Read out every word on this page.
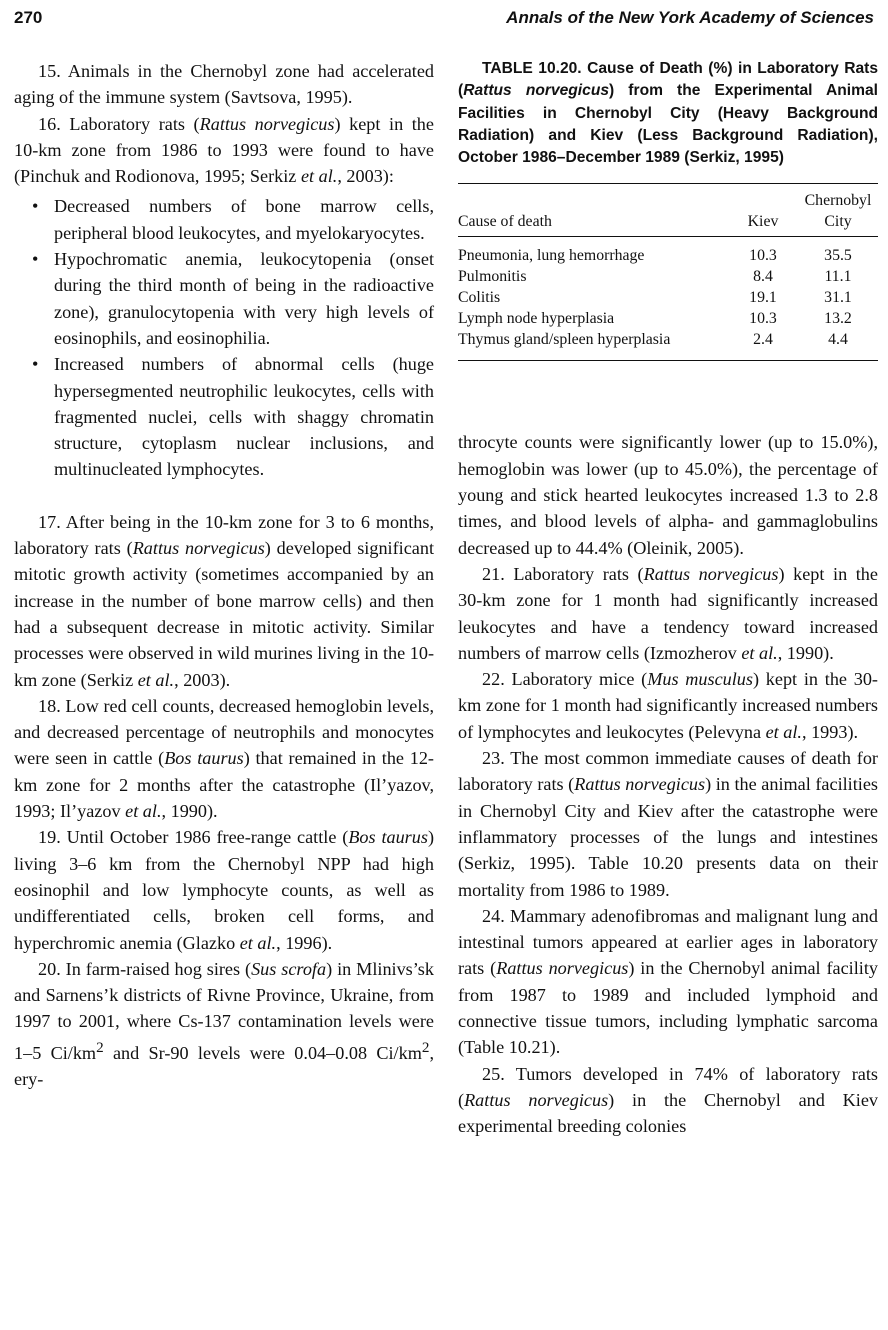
270	Annals of the New York Academy of Sciences

15. Animals in the Chernobyl zone had accelerated aging of the immune system (Savtsova, 1995).

16. Laboratory rats (Rattus norvegicus) kept in the 10-km zone from 1986 to 1993 were found to have (Pinchuk and Rodionova, 1995; Serkiz et al., 2003):

• Decreased numbers of bone marrow cells, peripheral blood leukocytes, and myelokaryocytes.
• Hypochromatic anemia, leukocytopenia (onset during the third month of being in the radioactive zone), granulocytopenia with very high levels of eosinophils, and eosinophilia.
• Increased numbers of abnormal cells (huge hypersegmented neutrophilic leukocytes, cells with fragmented nuclei, cells with shaggy chromatin structure, cytoplasm nuclear inclusions, and multinucleated lymphocytes.

17. After being in the 10-km zone for 3 to 6 months, laboratory rats (Rattus norvegicus) developed significant mitotic growth activity (sometimes accompanied by an increase in the number of bone marrow cells) and then had a subsequent decrease in mitotic activity. Similar processes were observed in wild murines living in the 10-km zone (Serkiz et al., 2003).

18. Low red cell counts, decreased hemoglobin levels, and decreased percentage of neutrophils and monocytes were seen in cattle (Bos taurus) that remained in the 12-km zone for 2 months after the catastrophe (Il’yazov, 1993; Il’yazov et al., 1990).

19. Until October 1986 free-range cattle (Bos taurus) living 3–6 km from the Chernobyl NPP had high eosinophil and low lymphocyte counts, as well as undifferentiated cells, broken cell forms, and hyperchromic anemia (Glazko et al., 1996).

20. In farm-raised hog sires (Sus scrofa) in Mlinivs’sk and Sarnens’k districts of Rivne Province, Ukraine, from 1997 to 2001, where Cs-137 contamination levels were 1–5 $Ci/km^2$ and Sr-90 levels were 0.04–0.08 $Ci/km^2$, ery-

TABLE 10.20. Cause of Death (%) in Laboratory Rats (Rattus norvegicus) from the Experimental Animal Facilities in Chernobyl City (Heavy Background Radiation) and Kiev (Less Background Radiation), October 1986–December 1989 (Serkiz, 1995)

Cause of death	Kiev	Chernobyl City
Pneumonia, lung hemorrhage	10.3	35.5
Pulmonitis	8.4	11.1
Colitis	19.1	31.1
Lymph node hyperplasia	10.3	13.2
Thymus gland/spleen hyperplasia	2.4	4.4

throcyte counts were significantly lower (up to 15.0%), hemoglobin was lower (up to 45.0%), the percentage of young and stick hearted leukocytes increased 1.3 to 2.8 times, and blood levels of alpha- and gammaglobulins decreased up to 44.4% (Oleinik, 2005).

21. Laboratory rats (Rattus norvegicus) kept in the 30-km zone for 1 month had significantly increased leukocytes and have a tendency toward increased numbers of marrow cells (Izmozherov et al., 1990).

22. Laboratory mice (Mus musculus) kept in the 30-km zone for 1 month had significantly increased numbers of lymphocytes and leukocytes (Pelevyna et al., 1993).

23. The most common immediate causes of death for laboratory rats (Rattus norvegicus) in the animal facilities in Chernobyl City and Kiev after the catastrophe were inflammatory processes of the lungs and intestines (Serkiz, 1995). Table 10.20 presents data on their mortality from 1986 to 1989.

24. Mammary adenofibromas and malignant lung and intestinal tumors appeared at earlier ages in laboratory rats (Rattus norvegicus) in the Chernobyl animal facility from 1987 to 1989 and included lymphoid and connective tissue tumors, including lymphatic sarcoma (Table 10.21).

25. Tumors developed in 74% of laboratory rats (Rattus norvegicus) in the Chernobyl and Kiev experimental breeding colonies
